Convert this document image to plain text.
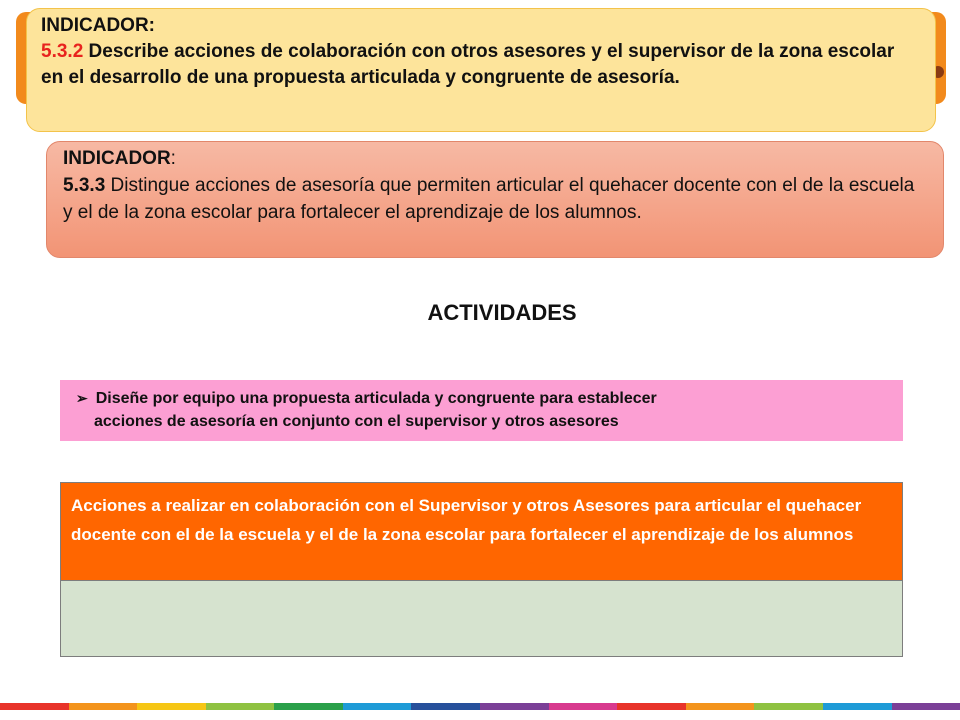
INDICADOR:
5.3.2 Describe acciones de colaboración con otros asesores y el supervisor de la zona escolar en el desarrollo de una propuesta articulada y congruente de asesoría.
INDICADOR:
5.3.3 Distingue acciones de asesoría que permiten articular el quehacer docente con el de la escuela y el de la zona escolar para fortalecer el aprendizaje de los alumnos.
ACTIVIDADES
➢ Diseñe por equipo una propuesta articulada y congruente para establecer
acciones de asesoría en conjunto con el supervisor y otros asesores
Acciones a realizar en colaboración con el Supervisor y otros Asesores para articular el quehacer docente con el de la escuela y el de la zona escolar para fortalecer el aprendizaje de los alumnos
